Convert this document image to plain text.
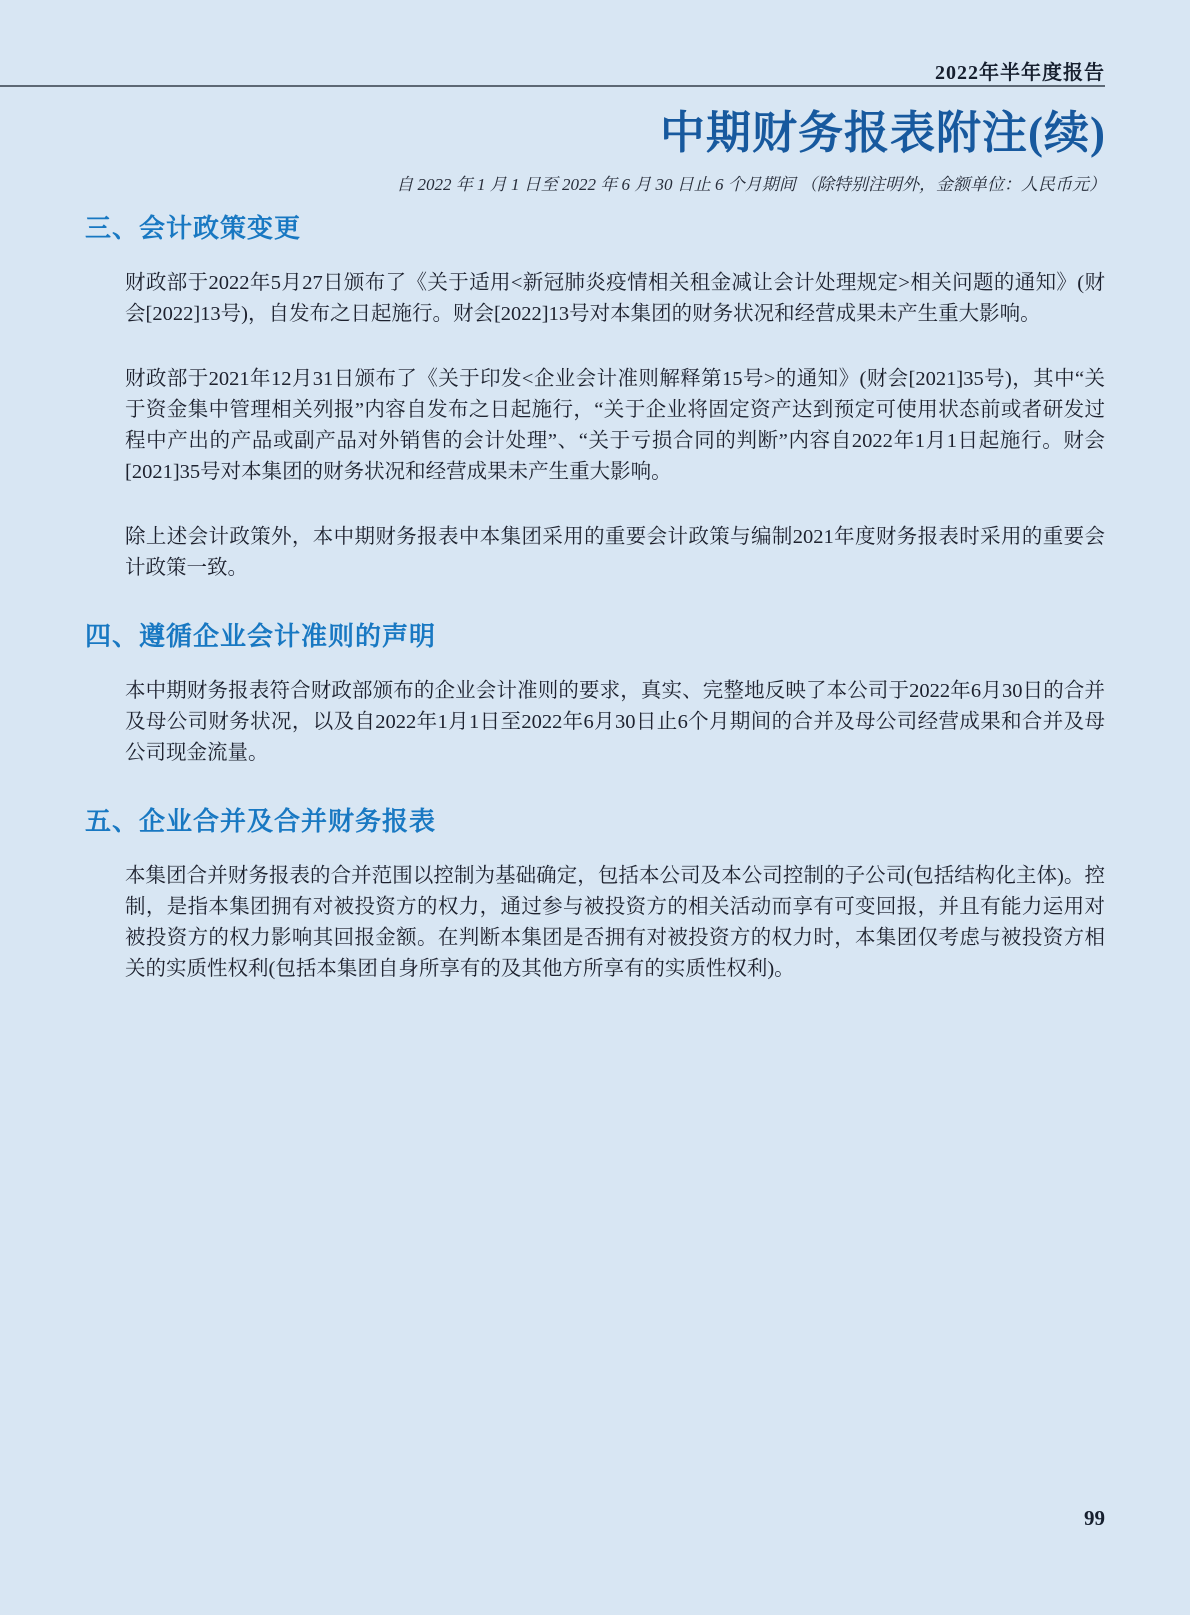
2022年半年度报告
中期财务报表附注(续)
自 2022 年 1 月 1 日至 2022 年 6 月 30 日止 6 个月期间 （除特别注明外，金额单位：人民币元）
三、会计政策变更

财政部于2022年5月27日颁布了《关于适用<新冠肺炎疫情相关租金减让会计处理规定>相关问题的通知》(财会[2022]13号)，自发布之日起施行。财会[2022]13号对本集团的财务状况和经营成果未产生重大影响。

财政部于2021年12月31日颁布了《关于印发<企业会计准则解释第15号>的通知》(财会[2021]35号)，其中“关于资金集中管理相关列报”内容自发布之日起施行，“关于企业将固定资产达到预定可使用状态前或者研发过程中产出的产品或副产品对外销售的会计处理”、“关于亏损合同的判断”内容自2022年1月1日起施行。财会[2021]35号对本集团的财务状况和经营成果未产生重大影响。

除上述会计政策外，本中期财务报表中本集团采用的重要会计政策与编制2021年度财务报表时采用的重要会计政策一致。

四、遵循企业会计准则的声明

本中期财务报表符合财政部颁布的企业会计准则的要求，真实、完整地反映了本公司于2022年6月30日的合并及母公司财务状况，以及自2022年1月1日至2022年6月30日止6个月期间的合并及母公司经营成果和合并及母公司现金流量。

五、企业合并及合并财务报表

本集团合并财务报表的合并范围以控制为基础确定，包括本公司及本公司控制的子公司(包括结构化主体)。控制，是指本集团拥有对被投资方的权力，通过参与被投资方的相关活动而享有可变回报，并且有能力运用对被投资方的权力影响其回报金额。在判断本集团是否拥有对被投资方的权力时，本集团仅考虑与被投资方相关的实质性权利(包括本集团自身所享有的及其他方所享有的实质性权利)。

99
